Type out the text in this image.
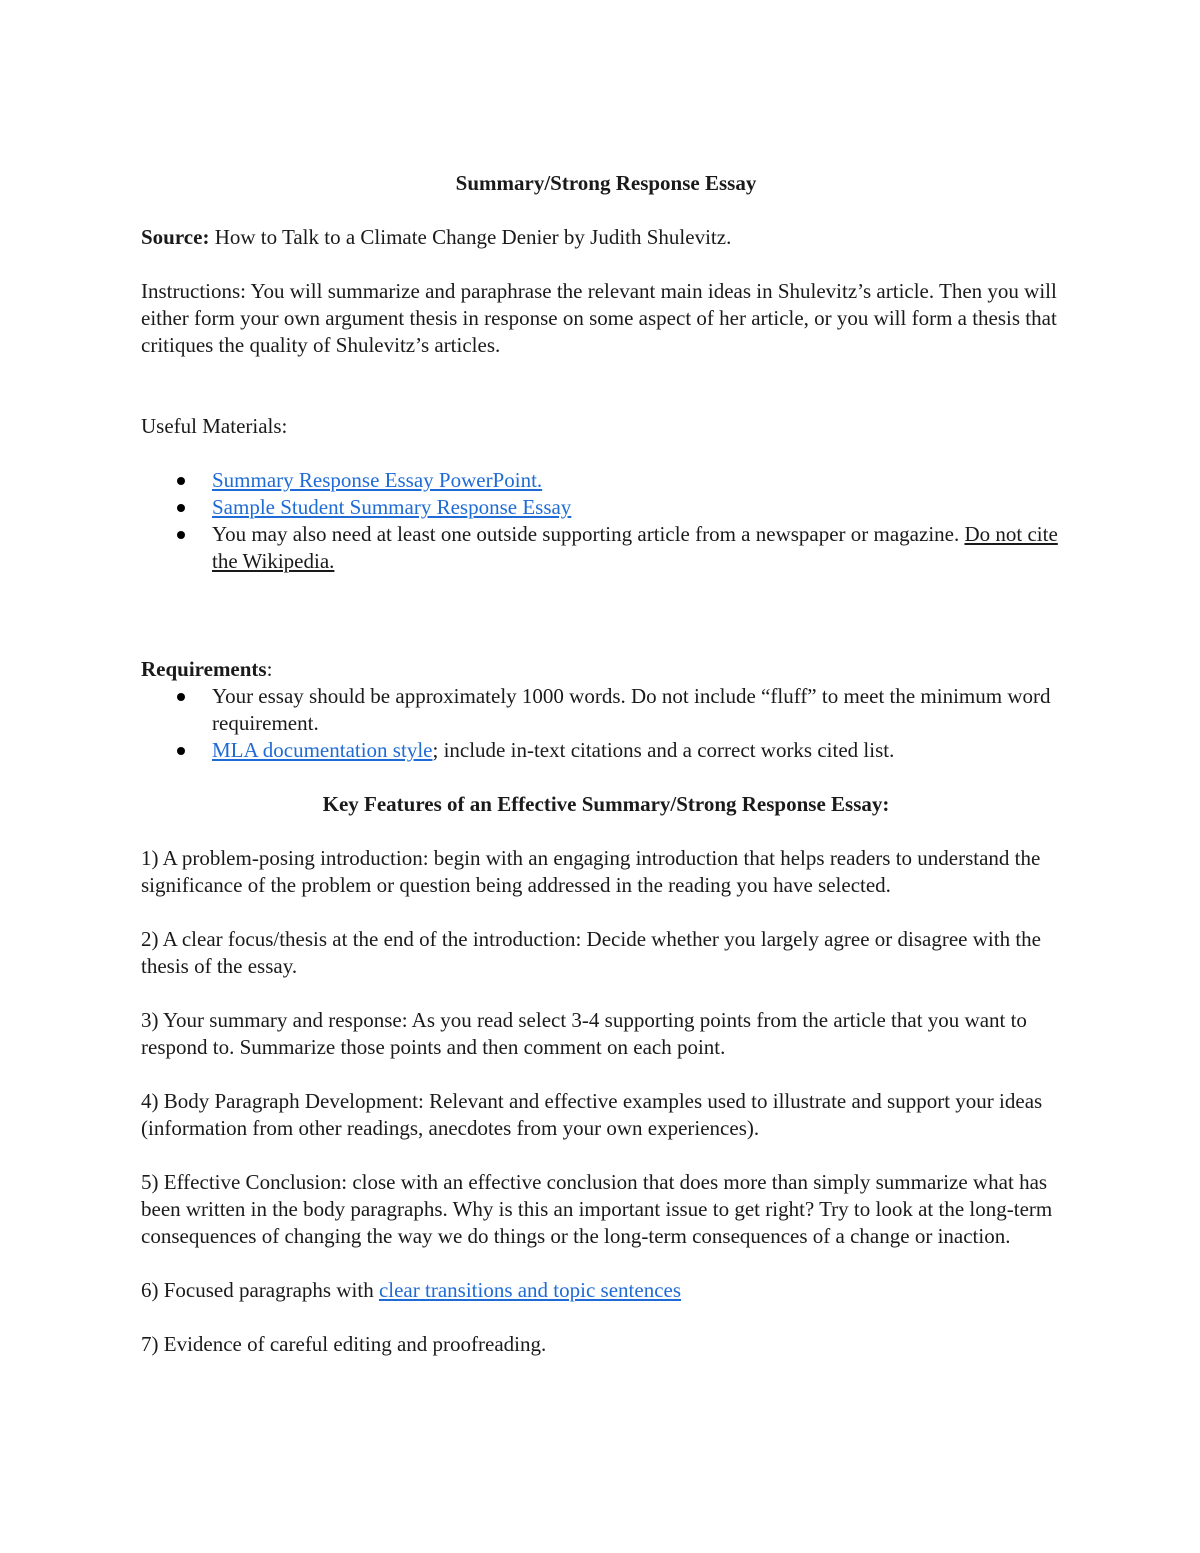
Summary/Strong Response Essay

Source: How to Talk to a Climate Change Denier by Judith Shulevitz.

Instructions: You will summarize and paraphrase the relevant main ideas in Shulevitz’s article. Then you will either form your own argument thesis in response on some aspect of her article, or you will form a thesis that critiques the quality of Shulevitz’s articles.

Useful Materials:

Summary Response Essay PowerPoint.
Sample Student Summary Response Essay
You may also need at least one outside supporting article from a newspaper or magazine. Do not cite the Wikipedia.

Requirements:

Your essay should be approximately 1000 words. Do not include “fluff” to meet the minimum word requirement.
MLA documentation style; include in-text citations and a correct works cited list.

Key Features of an Effective Summary/Strong Response Essay:

1) A problem-posing introduction: begin with an engaging introduction that helps readers to understand the significance of the problem or question being addressed in the reading you have selected.

2) A clear focus/thesis at the end of the introduction: Decide whether you largely agree or disagree with the thesis of the essay.

3) Your summary and response: As you read select 3-4 supporting points from the article that you want to respond to. Summarize those points and then comment on each point.

4) Body Paragraph Development: Relevant and effective examples used to illustrate and support your ideas (information from other readings, anecdotes from your own experiences).

5) Effective Conclusion: close with an effective conclusion that does more than simply summarize what has been written in the body paragraphs. Why is this an important issue to get right? Try to look at the long-term consequences of changing the way we do things or the long-term consequences of a change or inaction.

6) Focused paragraphs with clear transitions and topic sentences

7) Evidence of careful editing and proofreading.
